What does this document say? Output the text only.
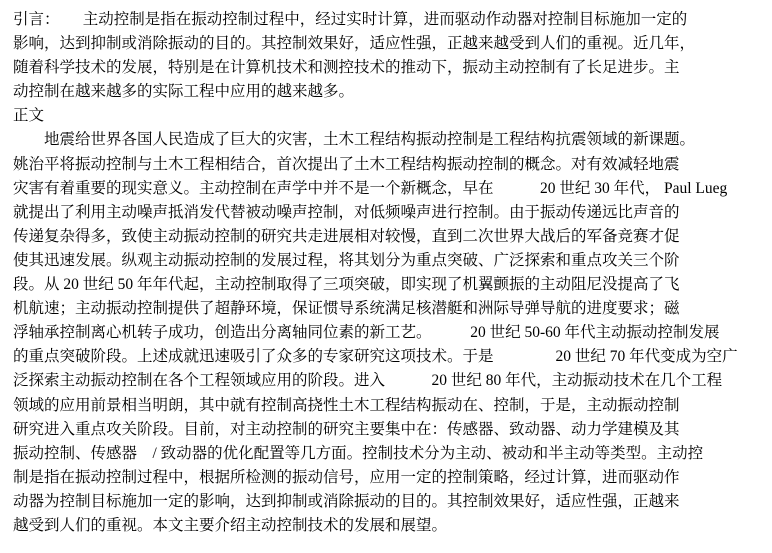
引言：　　主动控制是指在振动控制过程中，经过实时计算，进而驱动作动器对控制目标施加一定的
影响，达到抑制或消除振动的目的。其控制效果好，适应性强，正越来越受到人们的重视。近几年，
随着科学技术的发展，特别是在计算机技术和测控技术的推动下，振动主动控制有了长足进步。主
动控制在越来越多的实际工程中应用的越来越多。
正文
　　地震给世界各国人民造成了巨大的灾害，土木工程结构振动控制是工程结构抗震领域的新课题。
姚治平将振动控制与土木工程相结合，首次提出了土木工程结构振动控制的概念。对有效减轻地震
灾害有着重要的现实意义。主动控制在声学中并不是一个新概念，早在　　　20 世纪 30 年代， Paul Lueg
就提出了利用主动噪声抵消发代替被动噪声控制，对低频噪声进行控制。由于振动传递远比声音的
传递复杂得多，致使主动振动控制的研究共走进展相对较慢，直到二次世界大战后的军备竞赛才促
使其迅速发展。纵观主动振动控制的发展过程，将其划分为重点突破、广泛探索和重点攻关三个阶
段。从 20 世纪 50 年年代起，主动控制取得了三项突破，即实现了机翼颤振的主动阻尼没提高了飞
机航速；主动振动控制提供了超静环境，保证惯导系统满足核潜艇和洲际导弹导航的进度要求；磁
浮轴承控制离心机转子成功，创造出分离轴同位素的新工艺。　　　20 世纪 50-60 年代主动振动控制发展
的重点突破阶段。上述成就迅速吸引了众多的专家研究这项技术。于是　　　　20 世纪 70 年代变成为空广
泛探索主动振动控制在各个工程领域应用的阶段。进入　　　20 世纪 80 年代，主动振动技术在几个工程
领域的应用前景相当明朗，其中就有控制高挠性土木工程结构振动在、控制，于是，主动振动控制
研究进入重点攻关阶段。目前，对主动控制的研究主要集中在：传感器、致动器、动力学建模及其
振动控制、传感器　/ 致动器的优化配置等几方面。控制技术分为主动、被动和半主动等类型。主动控
制是指在振动控制过程中，根据所检测的振动信号，应用一定的控制策略，经过计算，进而驱动作
动器为控制目标施加一定的影响，达到抑制或消除振动的目的。其控制效果好，适应性强，正越来
越受到人们的重视。本文主要介绍主动控制技术的发展和展望。
